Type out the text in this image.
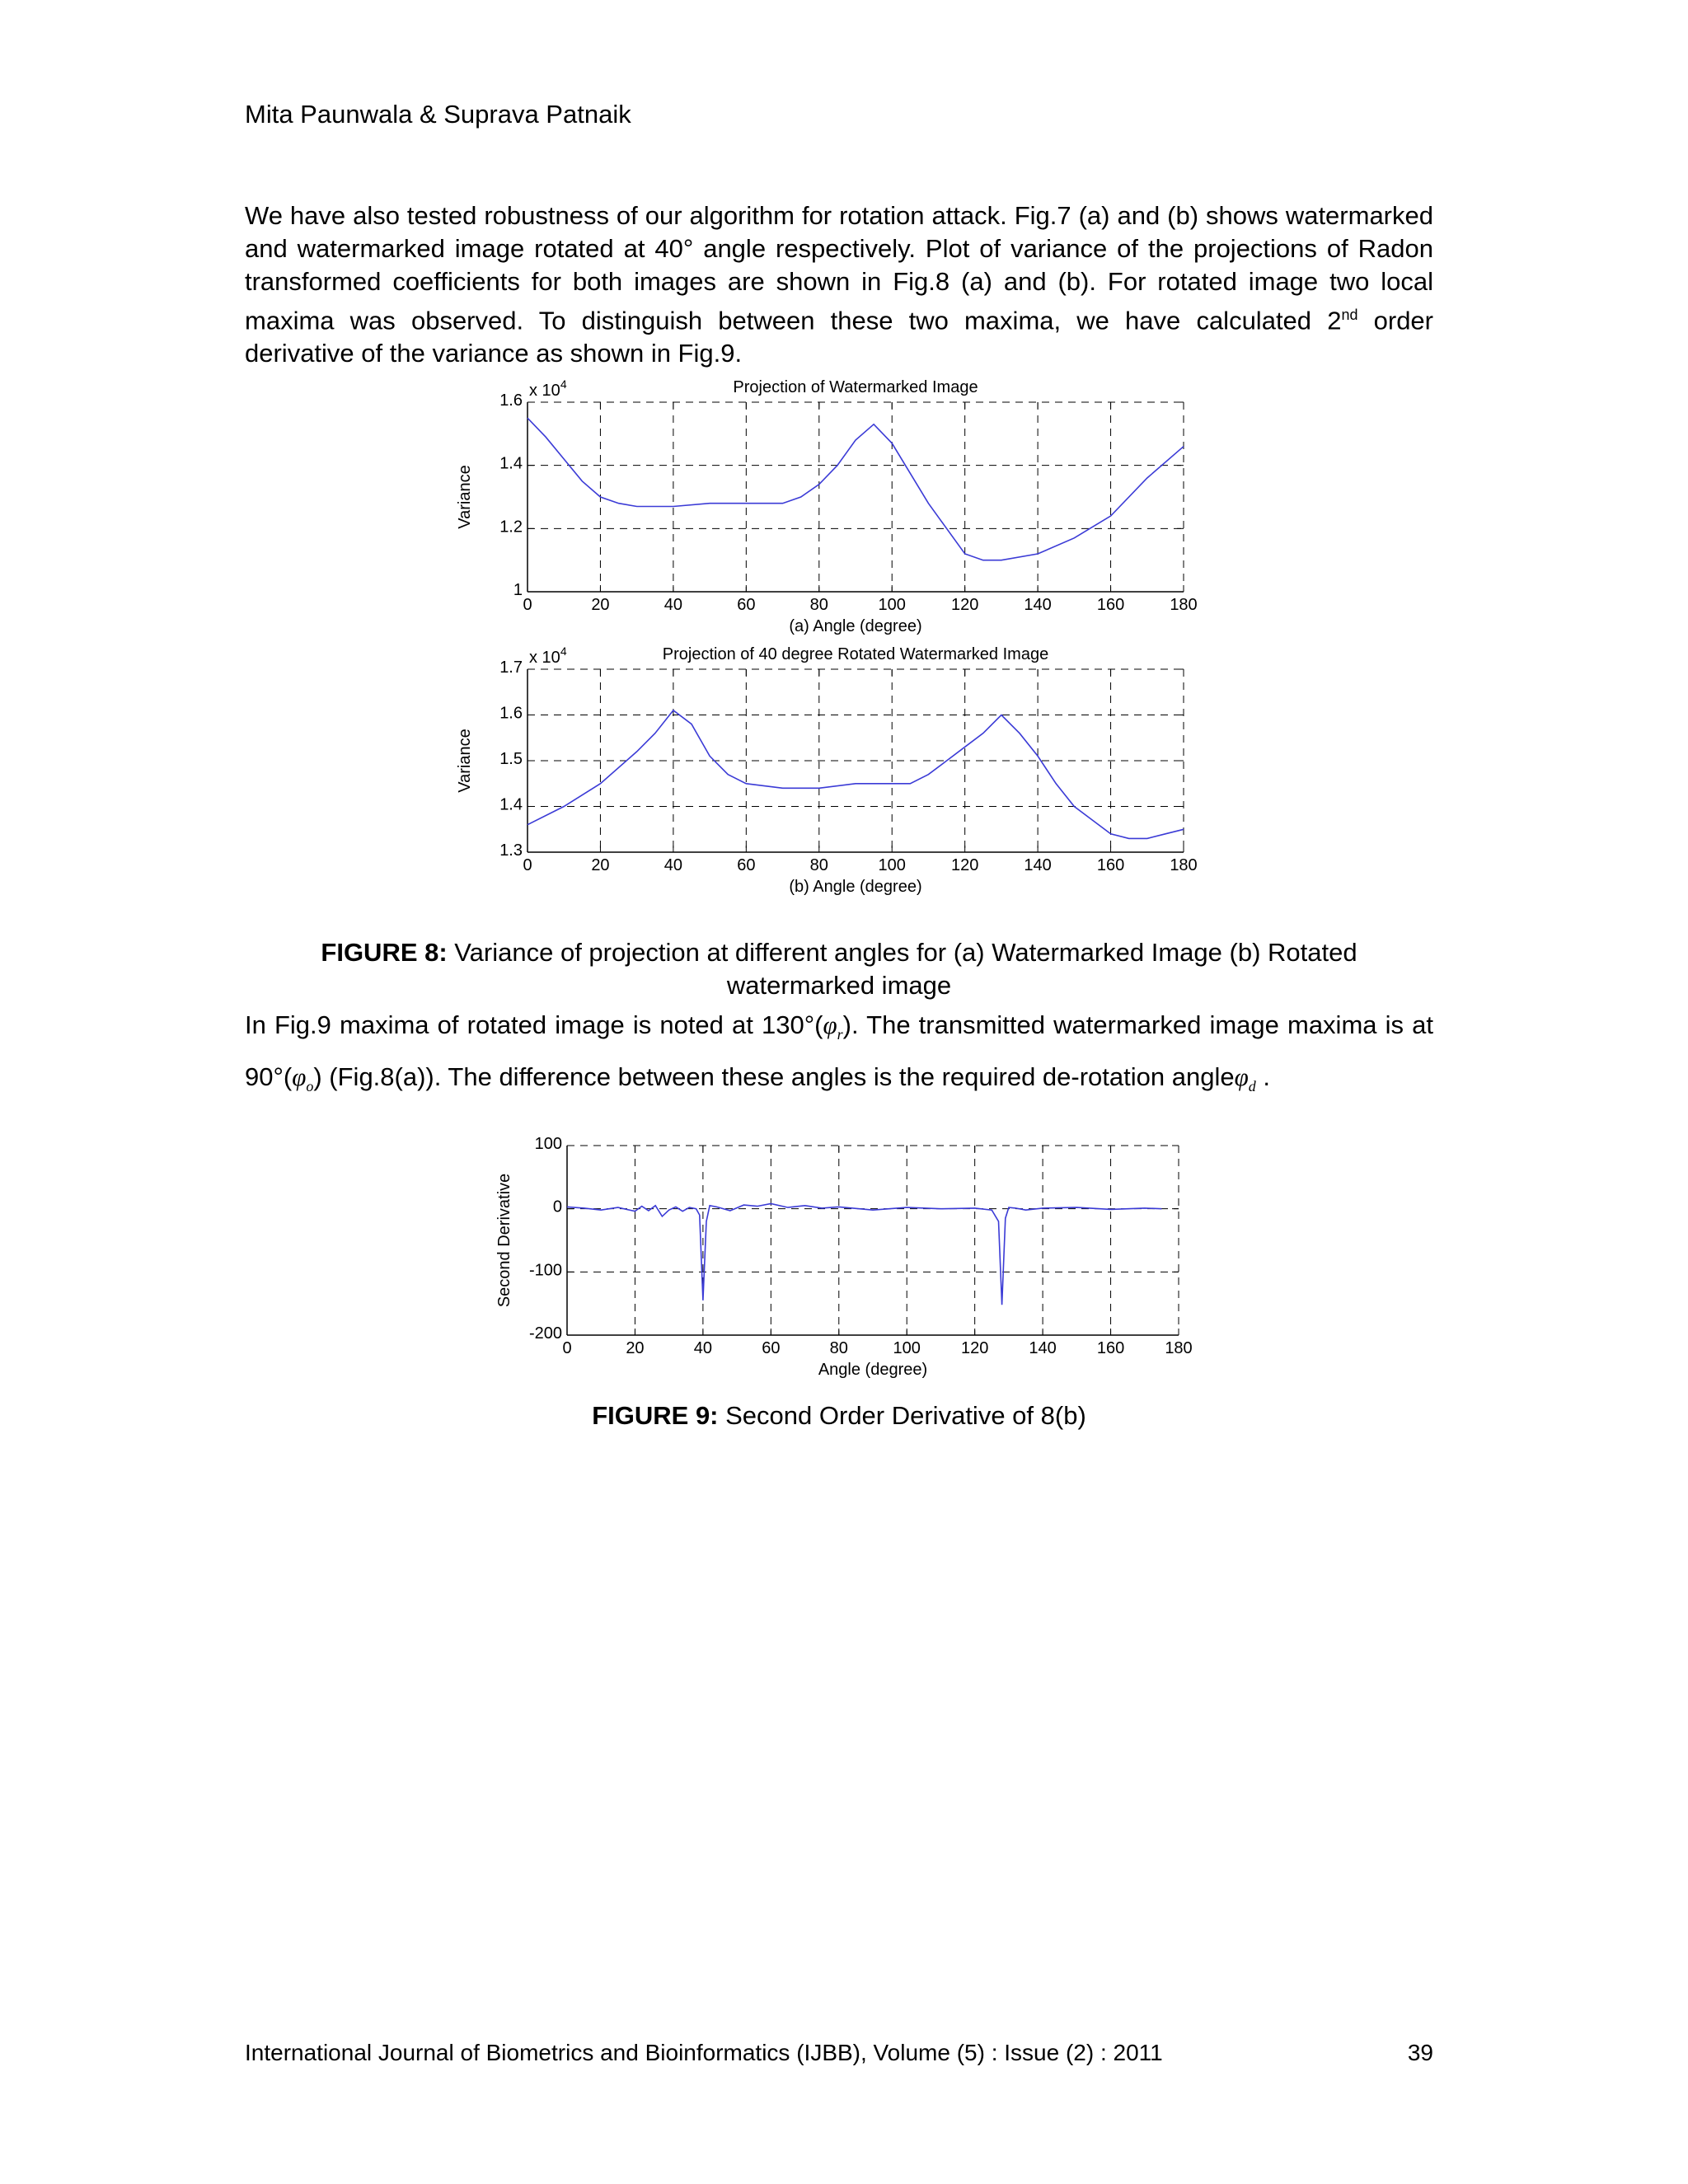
Mita Paunwala & Suprava Patnaik
We have also tested robustness of our algorithm for rotation attack. Fig.7 (a) and (b) shows watermarked and watermarked image rotated at 40° angle respectively. Plot of variance of the projections of Radon transformed coefficients for both images are shown in Fig.8 (a) and (b). For rotated image two local maxima was observed. To distinguish between these two maxima, we have calculated 2nd order derivative of the variance as shown in Fig.9.
0	20	40	60	80	100	120	140	160	180
1
1.2
1.4
1.6
x $10^4$	Projection of Watermarked Image
(a) Angle (degree)
Variance
0	20	40	60	80	100	120	140	160	180
1.3
1.4
1.5
1.6
1.7
x $10^4$	Projection of 40 degree Rotated Watermarked Image
(b) Angle (degree)
Variance
FIGURE 8: Variance of projection at different angles for (a) Watermarked Image (b) Rotated watermarked image
In Fig.9 maxima of rotated image is noted at $130^\circ(\varphi_r)$. The transmitted watermarked image maxima is at $90^\circ(\varphi_o)$ (Fig.8(a)). The difference between these angles is the required de-rotation angleφ$_d$ .
0	20	40	60	80	100 120 140 160 180
-200
-100
0
100
Angle (degree)
Second Derivative
FIGURE 9: Second Order Derivative of 8(b)
International Journal of Biometrics and Bioinformatics (IJBB), Volume (5) : Issue (2) : 2011	39
